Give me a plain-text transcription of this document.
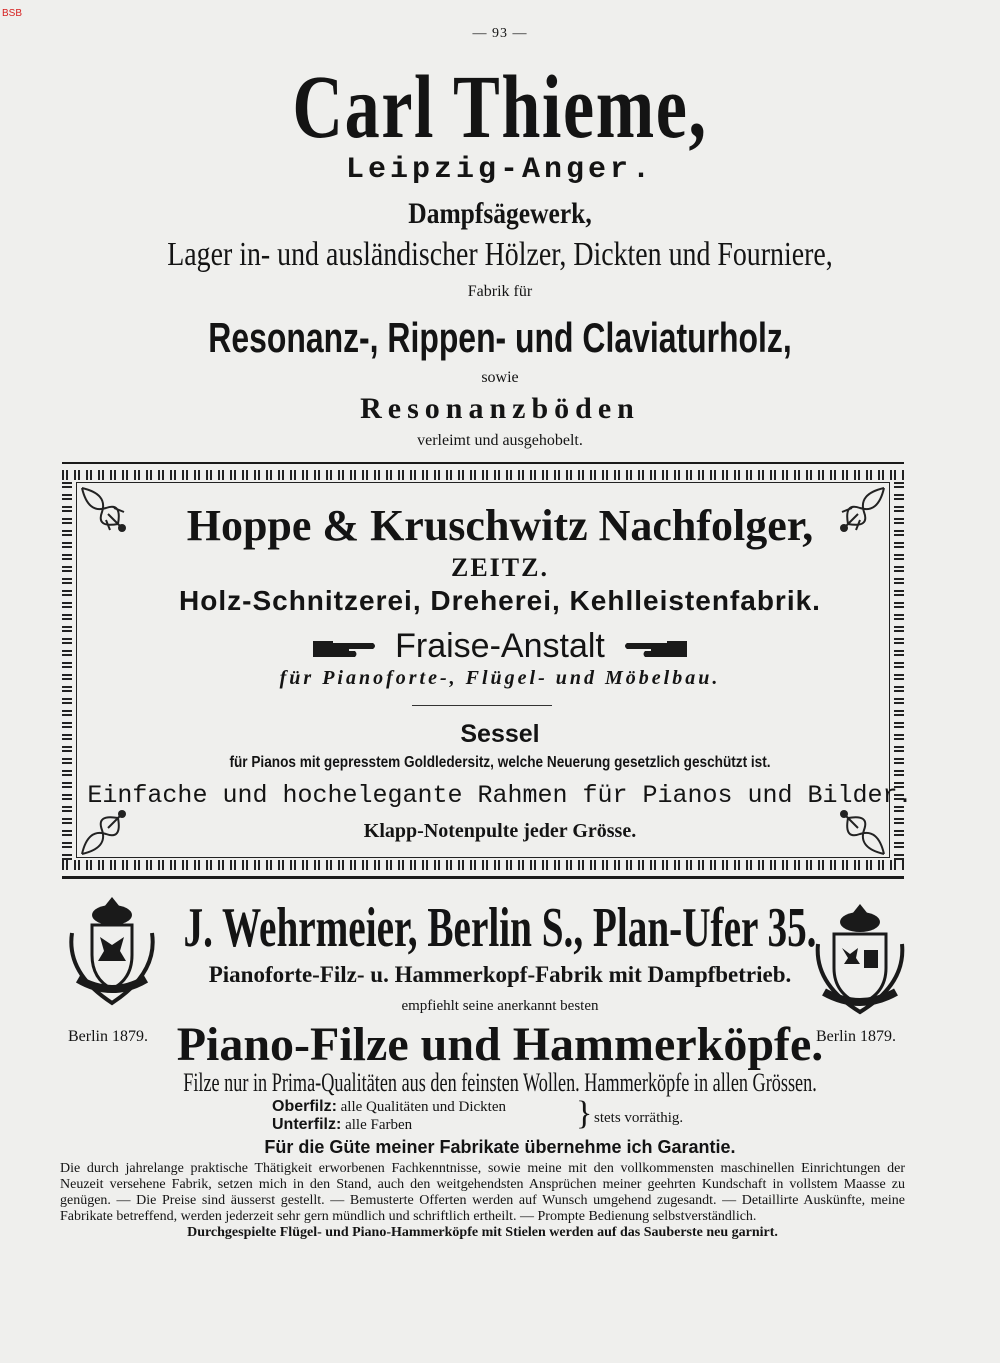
BSB
— 93 —
Carl Thieme,
Leipzig-Anger.
Dampfsägewerk,
Lager in- und ausländischer Hölzer, Dickten und Fourniere,
Fabrik für
Resonanz-, Rippen- und Claviaturholz,
sowie
Resonanzböden
verleimt und ausgehobelt.
Hoppe & Kruschwitz Nachfolger,
ZEITZ.
Holz-Schnitzerei, Dreherei, Kehlleistenfabrik.
Fraise-Anstalt
für Pianoforte-, Flügel- und Möbelbau.
Sessel
für Pianos mit gepresstem Goldledersitz, welche Neuerung gesetzlich geschützt ist.
Einfache und hochelegante Rahmen für Pianos und Bilder.
Klapp-Notenpulte jeder Grösse.
J. Wehrmeier, Berlin S., Plan-Ufer 35.
Pianoforte-Filz- u. Hammerkopf-Fabrik mit Dampfbetrieb.
empfiehlt seine anerkannt besten
Berlin 1879. Piano-Filze und Hammerköpfe.
Berlin 1879.
Filze nur in Prima-Qualitäten aus den feinsten Wollen. Hammerköpfe in allen Grössen.
Oberfilz: alle Qualitäten und Dickten
Unterfilz: alle Farben	} stets vorräthig.
Für die Güte meiner Fabrikate übernehme ich Garantie.

Die durch jahrelange praktische Thätigkeit erworbenen Fachkenntnisse, sowie meine mit den vollkommensten maschinellen Einrichtungen der Neuzeit versehene Fabrik, setzen mich in den Stand, auch den weitgehendsten Ansprüchen meiner geehrten Kundschaft in vollstem Maasse zu genügen. — Die Preise sind äusserst gestellt. — Bemusterte Offerten werden auf Wunsch umgehend zugesandt. — Detaillirte Auskünfte, meine Fabrikate betreffend, werden jederzeit sehr gern mündlich und schriftlich ertheilt. — Prompte Bedienung selbstverständlich.

Durchgespielte Flügel- und Piano-Hammerköpfe mit Stielen werden auf das Sauberste neu garnirt.
